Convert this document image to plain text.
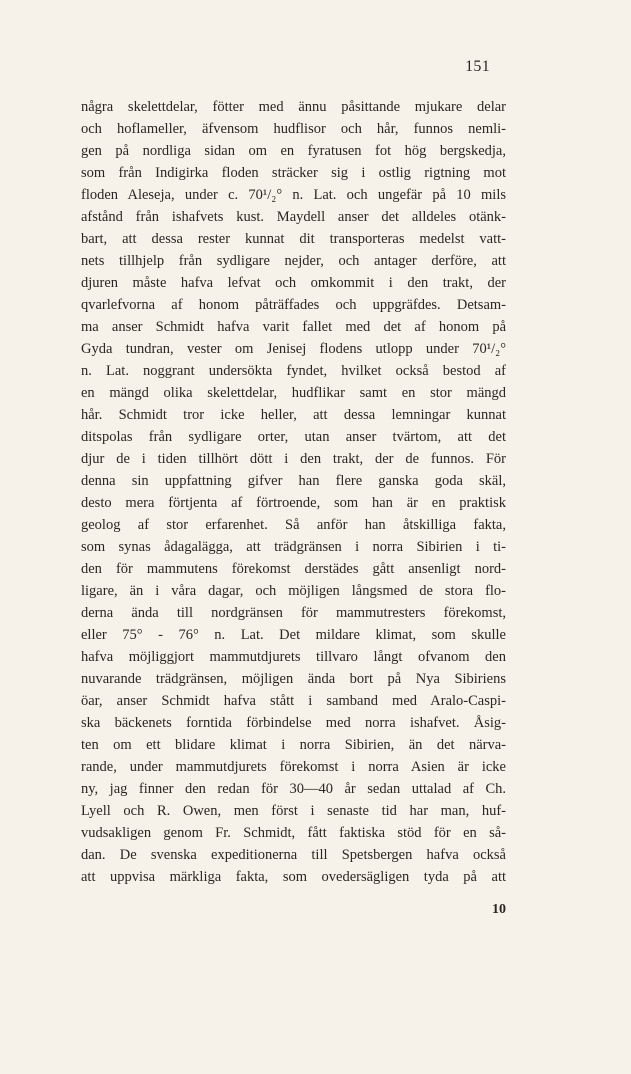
151
några skelettdelar, fötter med ännu påsittande mjukare delar
och hoflameller, äfvensom hudflisor och hår, funnos nemli-
gen på nordliga sidan om en fyratusen fot hög bergskedja,
som från Indigirka floden sträcker sig i ostlig rigtning mot
floden Aleseja, under c. 70¹/₂° n. Lat. och ungefär på 10 mils
afstånd från ishafvets kust. Maydell anser det alldeles otänk-
bart, att dessa rester kunnat dit transporteras medelst vatt-
nets tillhjelp från sydligare nejder, och antager derföre, att
djuren måste hafva lefvat och omkommit i den trakt, der
qvarlefvorna af honom påträffades och uppgräfdes. Detsam-
ma anser Schmidt hafva varit fallet med det af honom på
Gyda tundran, vester om Jenisej flodens utlopp under 70¹/₂°
n. Lat. noggrant undersökta fyndet, hvilket också bestod af
en mängd olika skelettdelar, hudflikar samt en stor mängd
hår. Schmidt tror icke heller, att dessa lemningar kunnat
ditspolas från sydligare orter, utan anser tvärtom, att det
djur de i tiden tillhört dött i den trakt, der de funnos. För
denna sin uppfattning gifver han flere ganska goda skäl,
desto mera förtjenta af förtroende, som han är en praktisk
geolog af stor erfarenhet. Så anför han åtskilliga fakta,
som synas ådagalägga, att trädgränsen i norra Sibirien i ti-
den för mammutens förekomst derstädes gått ansenligt nord-
ligare, än i våra dagar, och möjligen långsmed de stora flo-
derna ända till nordgränsen för mammutresters förekomst,
eller 75° - 76° n. Lat. Det mildare klimat, som skulle
hafva möjliggjort mammutdjurets tillvaro långt ofvanom den
nuvarande trädgränsen, möjligen ända bort på Nya Sibiriens
öar, anser Schmidt hafva stått i samband med Aralo-Caspi-
ska bäckenets forntida förbindelse med norra ishafvet. Åsig-
ten om ett blidare klimat i norra Sibirien, än det närva-
rande, under mammutdjurets förekomst i norra Asien är icke
ny, jag finner den redan för 30—40 år sedan uttalad af Ch.
Lyell och R. Owen, men först i senaste tid har man, huf-
vudsakligen genom Fr. Schmidt, fått faktiska stöd för en så-
dan. De svenska expeditionerna till Spetsbergen hafva också
att uppvisa märkliga fakta, som ovedersägligen tyda på att
10
